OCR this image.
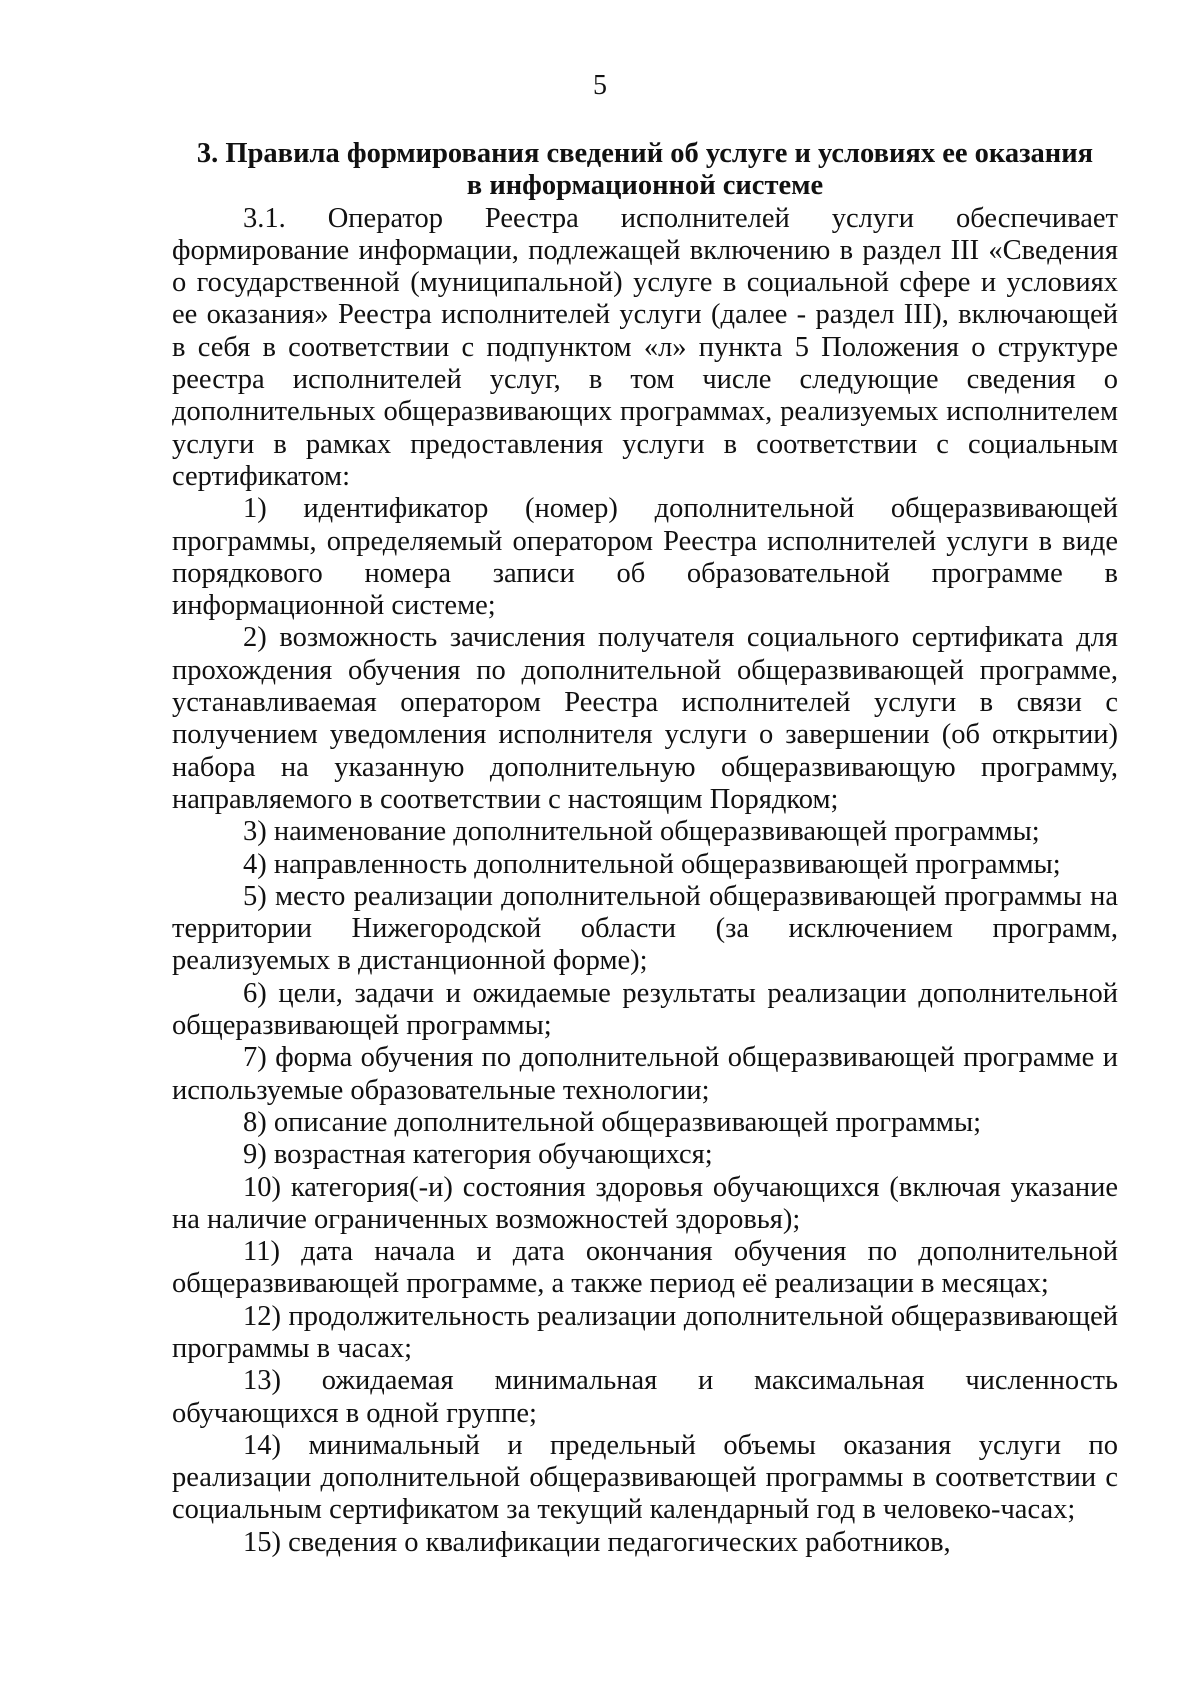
5
3. Правила формирования сведений об услуге и условиях ее оказания
в информационной системе

3.1. Оператор Реестра исполнителей услуги обеспечивает формирование информации, подлежащей включению в раздел III «Сведения о государственной (муниципальной) услуге в социальной сфере и условиях ее оказания» Реестра исполнителей услуги (далее - раздел III), включающей в себя в соответствии с подпунктом «л» пункта 5 Положения о структуре реестра исполнителей услуг, в том числе следующие сведения о дополнительных общеразвивающих программах, реализуемых исполнителем услуги в рамках предоставления услуги в соответствии с социальным сертификатом:

1) идентификатор (номер) дополнительной общеразвивающей программы, определяемый оператором Реестра исполнителей услуги в виде порядкового номера записи об образовательной программе в информационной системе;

2) возможность зачисления получателя социального сертификата для прохождения обучения по дополнительной общеразвивающей программе, устанавливаемая оператором Реестра исполнителей услуги в связи с получением уведомления исполнителя услуги о завершении (об открытии) набора на указанную дополнительную общеразвивающую программу, направляемого в соответствии с настоящим Порядком;

3) наименование дополнительной общеразвивающей программы;

4) направленность дополнительной общеразвивающей программы;

5) место реализации дополнительной общеразвивающей программы на территории Нижегородской области (за исключением программ, реализуемых в дистанционной форме);

6) цели, задачи и ожидаемые результаты реализации дополнительной общеразвивающей программы;

7) форма обучения по дополнительной общеразвивающей программе и используемые образовательные технологии;

8) описание дополнительной общеразвивающей программы;

9) возрастная категория обучающихся;

10) категория(-и) состояния здоровья обучающихся (включая указание на наличие ограниченных возможностей здоровья);

11) дата начала и дата окончания обучения по дополнительной общеразвивающей программе, а также период её реализации в месяцах;

12) продолжительность реализации дополнительной общеразвивающей программы в часах;

13) ожидаемая минимальная и максимальная численность обучающихся в одной группе;

14) минимальный и предельный объемы оказания услуги по реализации дополнительной общеразвивающей программы в соответствии с социальным сертификатом за текущий календарный год в человеко-часах;

15) сведения о квалификации педагогических работников,
